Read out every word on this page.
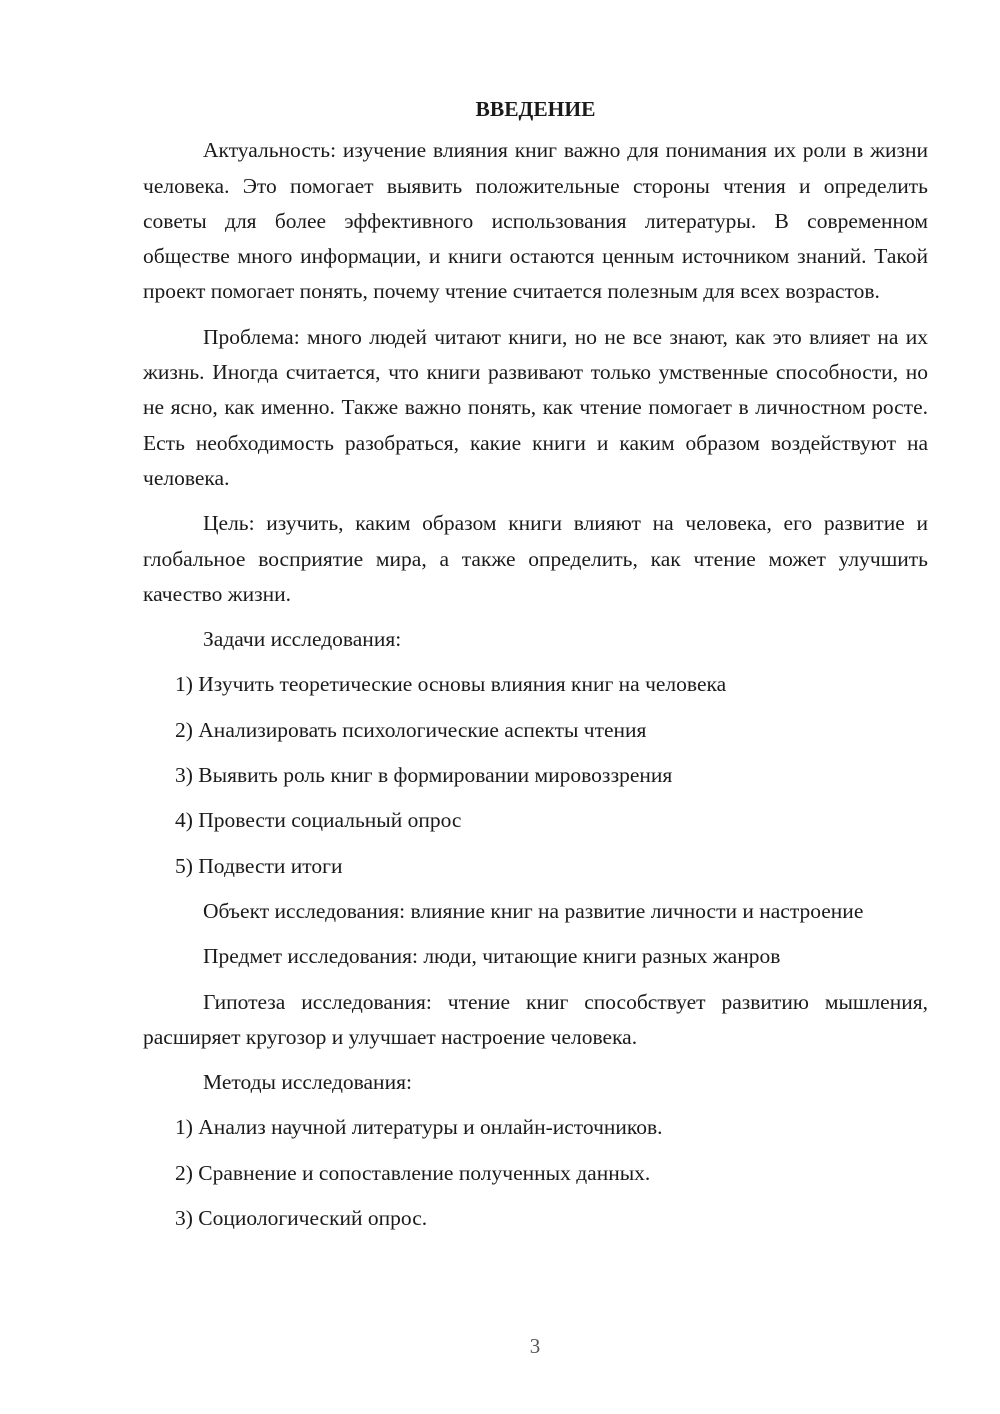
ВВЕДЕНИЕ

Актуальность: изучение влияния книг важно для понимания их роли в жизни человека. Это помогает выявить положительные стороны чтения и определить советы для более эффективного использования литературы. В современном обществе много информации, и книги остаются ценным источником знаний. Такой проект помогает понять, почему чтение считается полезным для всех возрастов.

Проблема: много людей читают книги, но не все знают, как это влияет на их жизнь. Иногда считается, что книги развивают только умственные способности, но не ясно, как именно. Также важно понять, как чтение помогает в личностном росте. Есть необходимость разобраться, какие книги и каким образом воздействуют на человека.

Цель: изучить, каким образом книги влияют на человека, его развитие и глобальное восприятие мира, а также определить, как чтение может улучшить качество жизни.

Задачи исследования:

1) Изучить теоретические основы влияния книг на человека

2) Анализировать психологические аспекты чтения

3) Выявить роль книг в формировании мировоззрения

4) Провести социальный опрос

5) Подвести итоги

Объект исследования: влияние книг на развитие личности и настроение

Предмет исследования: люди, читающие книги разных жанров

Гипотеза исследования: чтение книг способствует развитию мышления, расширяет кругозор и улучшает настроение человека.

Методы исследования:

1) Анализ научной литературы и онлайн-источников.

2) Сравнение и сопоставление полученных данных.

3) Социологический опрос.

3
